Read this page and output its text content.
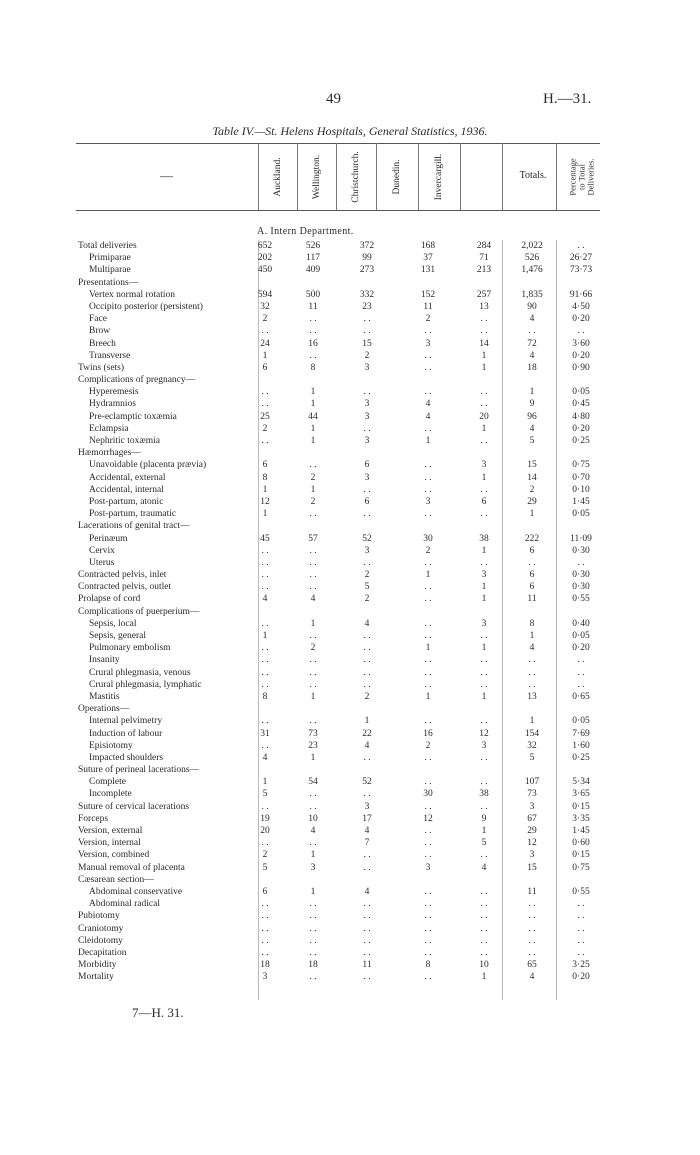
49	H.—31.
Table IV.—St. Helens Hospitals, General Statistics, 1936.
—	Auckland.	Wellington.	Christchurch.	Dunedin.	Invercargill.	Totals.	Percentage
to Total
Deliveries.
A. Intern Department.
Total deliveries	652	526	372	168	284	2,022	. .
Primiparae	202	117	99	37	71	526	26·27
Multiparae	450	409	273	131	213	1,476	73·73
Presentations—
Vertex normal rotation	594	500	332	152	257	1,835	91·66
Occipito posterior (persistent)	32	11	23	11	13	90	4·50
Face	2	. .	. .	2	. .	4	0·20
Brow	. .	. .	. .	. .	. .	. .	. .
Breech	24	16	15	3	14	72	3·60
Transverse	1	. .	2	. .	1	4	0·20
Twins (sets)	6	8	3	. .	1	18	0·90
Complications of pregnancy—
Hyperemesis	. .	1	. .	. .	. .	1	0·05
Hydramnios	. .	1	3	4	. .	9	0·45
Pre-eclamptic toxæmia	25	44	3	4	20	96	4·80
Eclampsia	2	1	. .	. .	1	4	0·20
Nephritic toxæmia	. .	1	3	1	. .	5	0·25
Hæmorrhages—
Unavoidable (placenta prævia)	6	. .	6	. .	3	15	0·75
Accidental, external	8	2	3	. .	1	14	0·70
Accidental, internal	1	1	. .	. .	. .	2	0·10
Post-partum, atonic	12	2	6	3	6	29	1·45
Post-partum, traumatic	1	. .	. .	. .	. .	1	0·05
Lacerations of genital tract—
Perinæum	45	57	52	30	38	222	11·09
Cervix	. .	. .	3	2	1	6	0·30
Uterus	. .	. .	. .	. .	. .	. .	. .
Contracted pelvis, inlet	. .	. .	2	1	3	6	0·30
Contracted pelvis, outlet	. .	. .	5	. .	1	6	0·30
Prolapse of cord	4	4	2	. .	1	11	0·55
Complications of puerperium—
Sepsis, local	. .	1	4	. .	3	8	0·40
Sepsis, general	1	. .	. .	. .	. .	1	0·05
Pulmonary embolism	. .	2	. .	1	1	4	0·20
Insanity	. .	. .	. .	. .	. .	. .	. .
Crural phlegmasia, venous	. .	. .	. .	. .	. .	. .	. .
Crural phlegmasia, lymphatic	. .	. .	. .	. .	. .	. .	. .
Mastitis	8	1	2	1	1	13	0·65
Operations—
Internal pelvimetry	. .	. .	1	. .	. .	1	0·05
Induction of labour	31	73	22	16	12	154	7·69
Episiotomy	. .	23	4	2	3	32	1·60
Impacted shoulders	4	1	. .	. .	. .	5	0·25
Suture of perineal lacerations—
Complete	1	54	52	. .	. .	107	5·34
Incomplete	5	. .	. .	30	38	73	3·65
Suture of cervical lacerations	. .	. .	3	. .	. .	3	0·15
Forceps	19	10	17	12	9	67	3·35
Version, external	20	4	4	. .	1	29	1·45
Version, internal	. .	. .	7	. .	5	12	0·60
Version, combined	2	1	. .	. .	. .	3	0·15
Manual removal of placenta	5	3	. .	3	4	15	0·75
Cæsarean section—
Abdominal conservative	6	1	4	. .	. .	11	0·55
Abdominal radical	. .	. .	. .	. .	. .	. .	. .
Pubiotomy	. .	. .	. .	. .	. .	. .	. .
Craniotomy	. .	. .	. .	. .	. .	. .	. .
Cleidotomy	. .	. .	. .	. .	. .	. .	. .
Decapitation	. .	. .	. .	. .	. .	. .	. .
Morbidity	18	18	11	8	10	65	3·25
Mortality	3	. .	. .	. .	1	4	0·20
7—H. 31.
